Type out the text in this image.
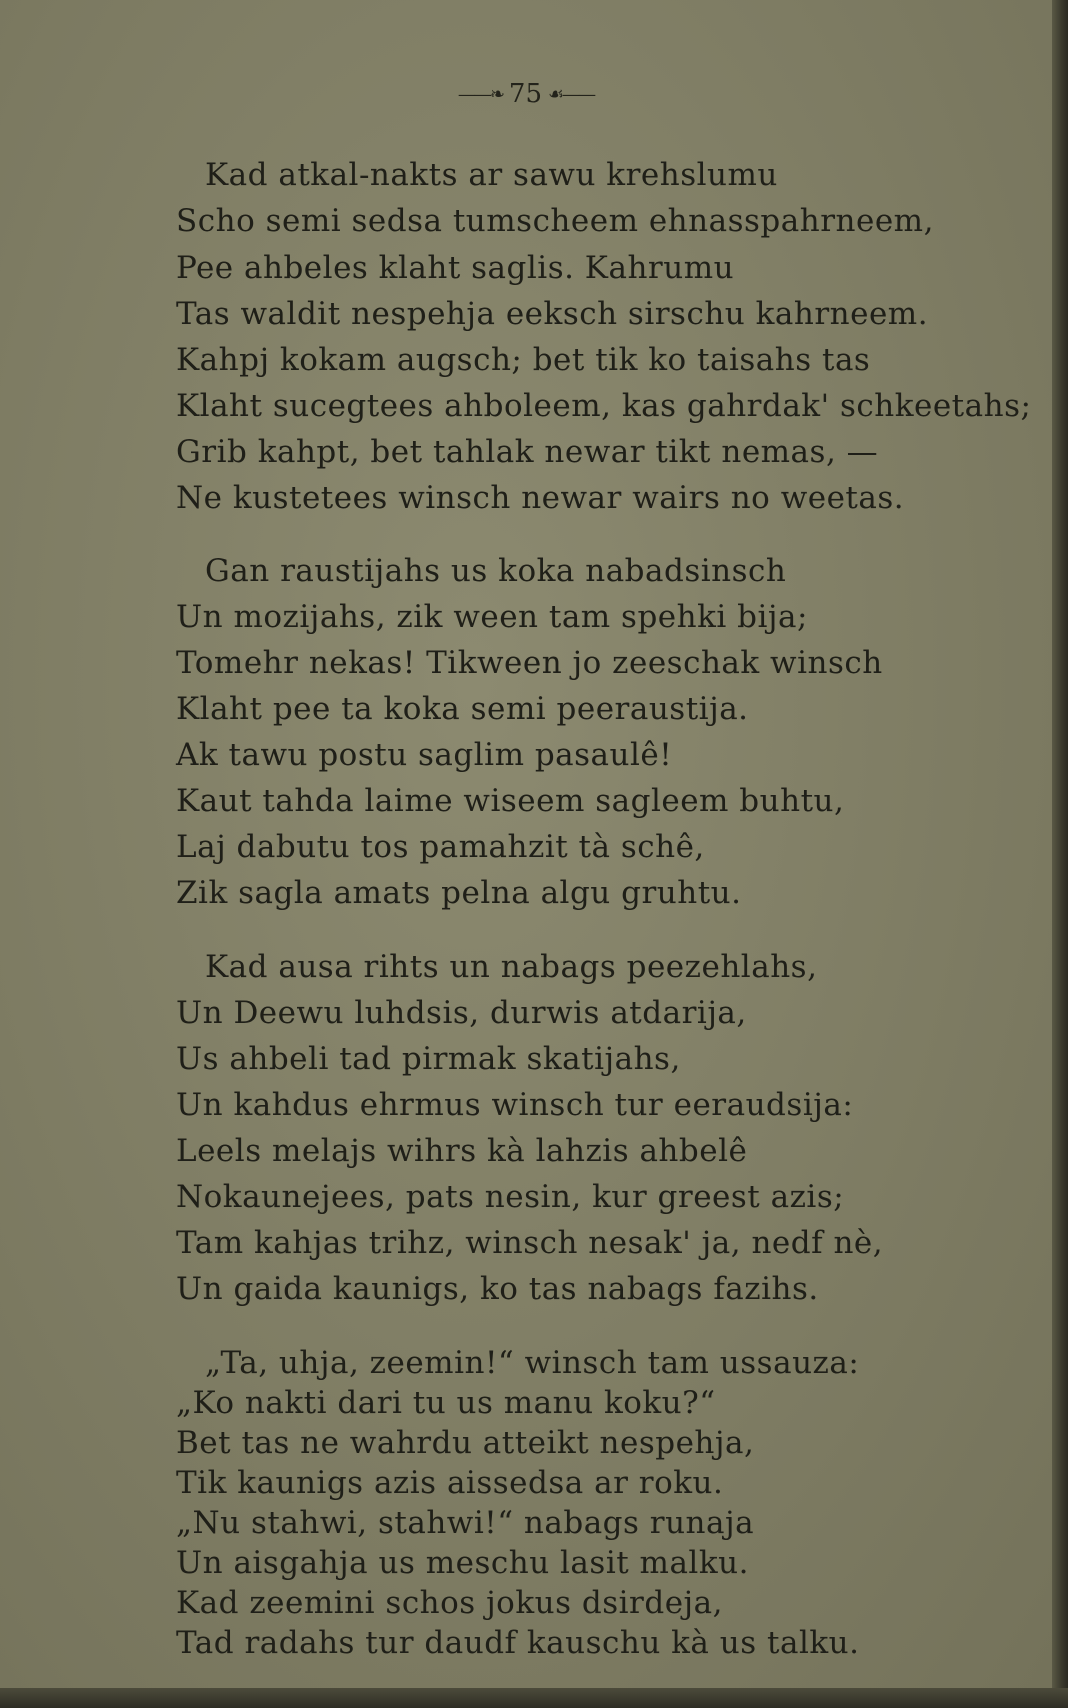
——❧ 75 ☙——
Kad atkal-nakts ar sawu krehslumu
Scho semi sedsa tumscheem ehnasspahrneem,
Pee ahbeles klaht saglis. Kahrumu
Tas waldit nespehja eeksch sirschu kahrneem.
Kahpj kokam augsch; bet tik ko taisahs tas
Klaht sucegtees ahboleem, kas gahrdak' schkeetahs;
Grib kahpt, bet tahlak newar tikt nemas, —
Ne kustetees winsch newar wairs no weetas.
Gan raustijahs us koka nabadsinsch
Un mozijahs, zik ween tam spehki bija;
Tomehr nekas! Tikween jo zeeschak winsch
Klaht pee ta koka semi peeraustija.
Ak tawu postu saglim pasaulê!
Kaut tahda laime wiseem sagleem buhtu,
Laj dabutu tos pamahzit tà schê,
Zik sagla amats pelna algu gruhtu.
Kad ausa rihts un nabags peezehlahs,
Un Deewu luhdsis, durwis atdarija,
Us ahbeli tad pirmak skatijahs,
Un kahdus ehrmus winsch tur eeraudsija:
Leels melajs wihrs kà lahzis ahbelê
Nokaunejees, pats nesin, kur greest azis;
Tam kahjas trihz, winsch nesak' ja, nedf nè,
Un gaida kaunigs, ko tas nabags fazihs.
„Ta, uhja, zeemin!“ winsch tam ussauza:
„Ko nakti dari tu us manu koku?“
Bet tas ne wahrdu atteikt nespehja,
Tik kaunigs azis aissedsa ar roku.
„Nu stahwi, stahwi!“ nabags runaja
Un aisgahja us meschu lasit malku.
Kad zeemini schos jokus dsirdeja,
Tad radahs tur daudf kauschu kà us talku.
